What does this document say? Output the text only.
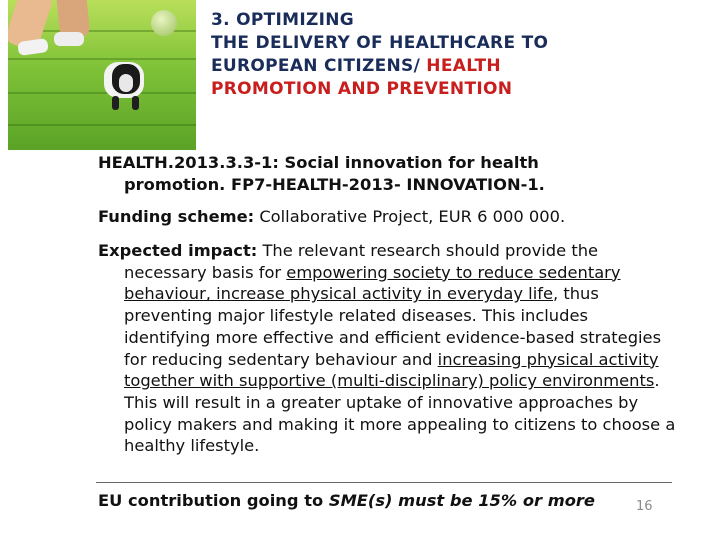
3. OPTIMIZING
THE DELIVERY OF HEALTHCARE TO
EUROPEAN CITIZENS/ HEALTH
PROMOTION AND PREVENTION
HEALTH.2013.3.3-1: Social innovation for health
promotion. FP7-HEALTH-2013- INNOVATION-1.

Funding scheme: Collaborative Project, EUR 6 000 000.

Expected impact: The relevant research should provide the necessary basis for empowering society to reduce sedentary behaviour, increase physical activity in everyday life, thus preventing major lifestyle related diseases. This includes identifying more effective and efficient evidence-based strategies for reducing sedentary behaviour and increasing physical activity together with supportive (multi-disciplinary) policy environments. This will result in a greater uptake of innovative approaches by policy makers and making it more appealing to citizens to choose a healthy lifestyle.

EU contribution going to SME(s) must be 15% or more	16
